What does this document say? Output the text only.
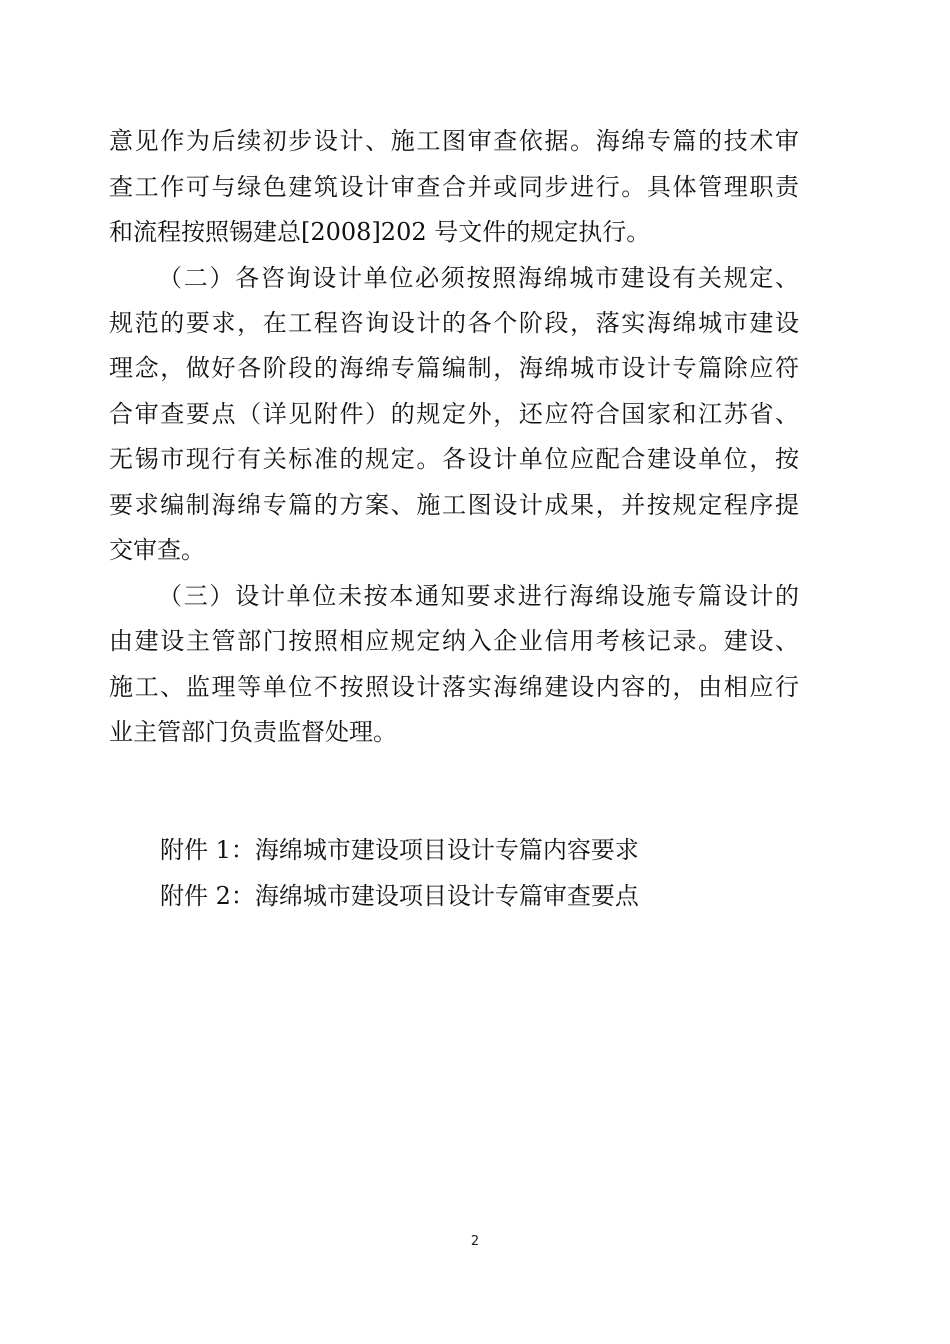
意见作为后续初步设计、施工图审查依据。海绵专篇的技术审
查工作可与绿色建筑设计审查合并或同步进行。具体管理职责
和流程按照锡建总[2008]202 号文件的规定执行。
（二）各咨询设计单位必须按照海绵城市建设有关规定、
规范的要求，在工程咨询设计的各个阶段，落实海绵城市建设
理念，做好各阶段的海绵专篇编制，海绵城市设计专篇除应符
合审查要点（详见附件）的规定外，还应符合国家和江苏省、
无锡市现行有关标准的规定。各设计单位应配合建设单位，按
要求编制海绵专篇的方案、施工图设计成果，并按规定程序提
交审查。
（三）设计单位未按本通知要求进行海绵设施专篇设计的
由建设主管部门按照相应规定纳入企业信用考核记录。建设、
施工、监理等单位不按照设计落实海绵建设内容的，由相应行
业主管部门负责监督处理。
附件 1：海绵城市建设项目设计专篇内容要求
附件 2：海绵城市建设项目设计专篇审查要点
2
